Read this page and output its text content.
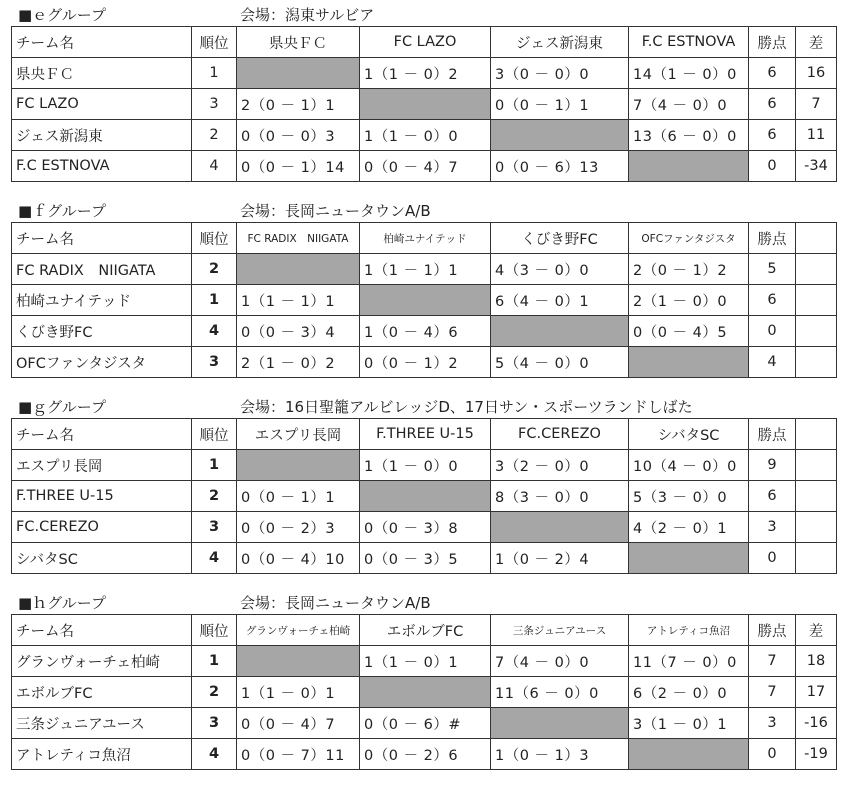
■ｅグループ	会場：潟東サルビア
チーム名	順位	県央ＦＣ	FC LAZO	ジェス新潟東	F.C ESTNOVA	勝点	差
県央ＦＣ	1		1（1 － 0）2	3（0 － 0）0	14（1 － 0）0	6	16
FC LAZO	3	2（0 － 1）1		0（0 － 1）1	7（4 － 0）0	6	7
ジェス新潟東	2	0（0 － 0）3	1（1 － 0）0		13（6 － 0）0	6	11
F.C ESTNOVA	4	0（0 － 1）14	0（0 － 4）7	0（0 － 6）13		0	-34
■ｆグループ	会場：長岡ニュータウンA/B
チーム名	順位	FC RADIX　NIIGATA	柏崎ユナイテッド	くびき野FC	OFCファンタジスタ	勝点	
FC RADIX　NIIGATA	2		1（1 － 1）1	4（3 － 0）0	2（0 － 1）2	5	
柏崎ユナイテッド	1	1（1 － 1）1		6（4 － 0）1	2（1 － 0）0	6	
くびき野FC	4	0（0 － 3）4	1（0 － 4）6		0（0 － 4）5	0	
OFCファンタジスタ	3	2（1 － 0）2	0（0 － 1）2	5（4 － 0）0		4	
■ｇグループ	会場：16日聖籠アルビレッジD、17日サン・スポーツランドしばた
チーム名	順位	エスプリ長岡	F.THREE U-15	FC.CEREZO	シバタSC	勝点	
エスプリ長岡	1		1（1 － 0）0	3（2 － 0）0	10（4 － 0）0	9	
F.THREE U-15	2	0（0 － 1）1		8（3 － 0）0	5（3 － 0）0	6	
FC.CEREZO	3	0（0 － 2）3	0（0 － 3）8		4（2 － 0）1	3	
シバタSC	4	0（0 － 4）10	0（0 － 3）5	1（0 － 2）4		0	
■ｈグループ	会場：長岡ニュータウンA/B
チーム名	順位	グランヴォーチェ柏崎	エボルブFC	三条ジュニアユース	アトレティコ魚沼	勝点	差
グランヴォーチェ柏崎	1		1（1 － 0）1	7（4 － 0）0	11（7 － 0）0	7	18
エボルブFC	2	1（1 － 0）1		11（6 － 0）0	6（2 － 0）0	7	17
三条ジュニアユース	3	0（0 － 4）7	0（0 － 6）#		3（1 － 0）1	3	-16
アトレティコ魚沼	4	0（0 － 7）11	0（0 － 2）6	1（0 － 1）3		0	-19
